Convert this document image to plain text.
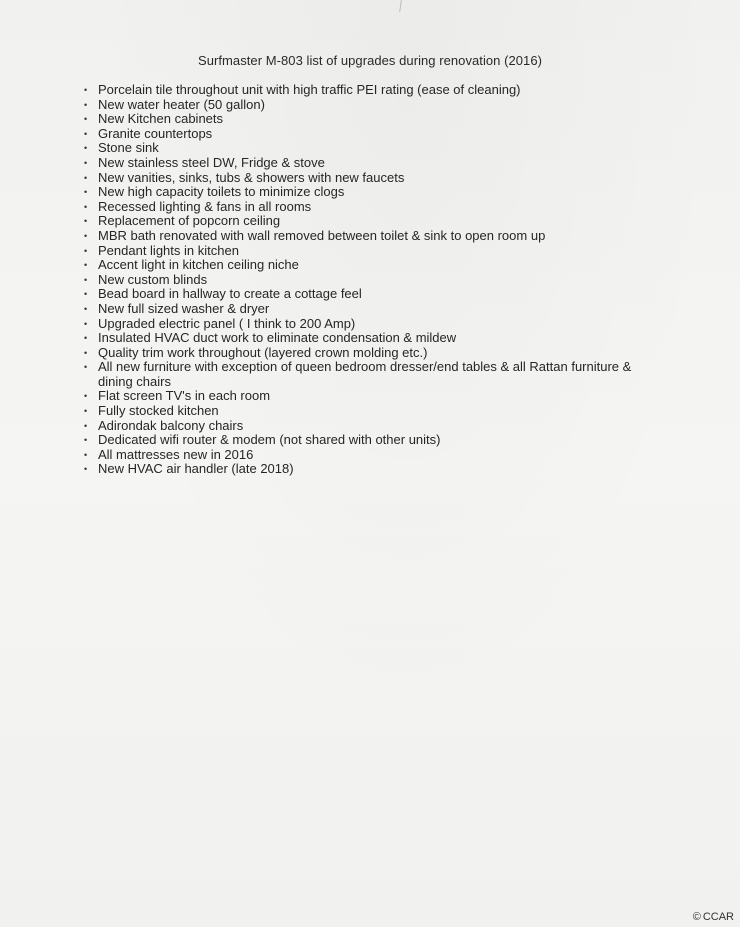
Surfmaster M-803 list of upgrades during renovation (2016)
• Porcelain tile throughout unit with high traffic PEI rating (ease of cleaning)
• New water heater (50 gallon)
• New Kitchen cabinets
• Granite countertops
• Stone sink
• New stainless steel DW, Fridge & stove
• New vanities, sinks, tubs & showers with new faucets
• New high capacity toilets to minimize clogs
• Recessed lighting & fans in all rooms
• Replacement of popcorn ceiling
• MBR bath renovated with wall removed between toilet & sink to open room up
• Pendant lights in kitchen
• Accent light in kitchen ceiling niche
• New custom blinds
• Bead board in hallway to create a cottage feel
• New full sized washer & dryer
• Upgraded electric panel ( I think to 200 Amp)
• Insulated HVAC duct work to eliminate condensation & mildew
• Quality trim work throughout (layered crown molding etc.)
• All new furniture with exception of queen bedroom dresser/end tables & all Rattan furniture & dining chairs
• Flat screen TV's in each room
• Fully stocked kitchen
• Adirondak balcony chairs
• Dedicated wifi router & modem (not shared with other units)
• All mattresses new in 2016
• New HVAC air handler (late 2018)
© CCAR
